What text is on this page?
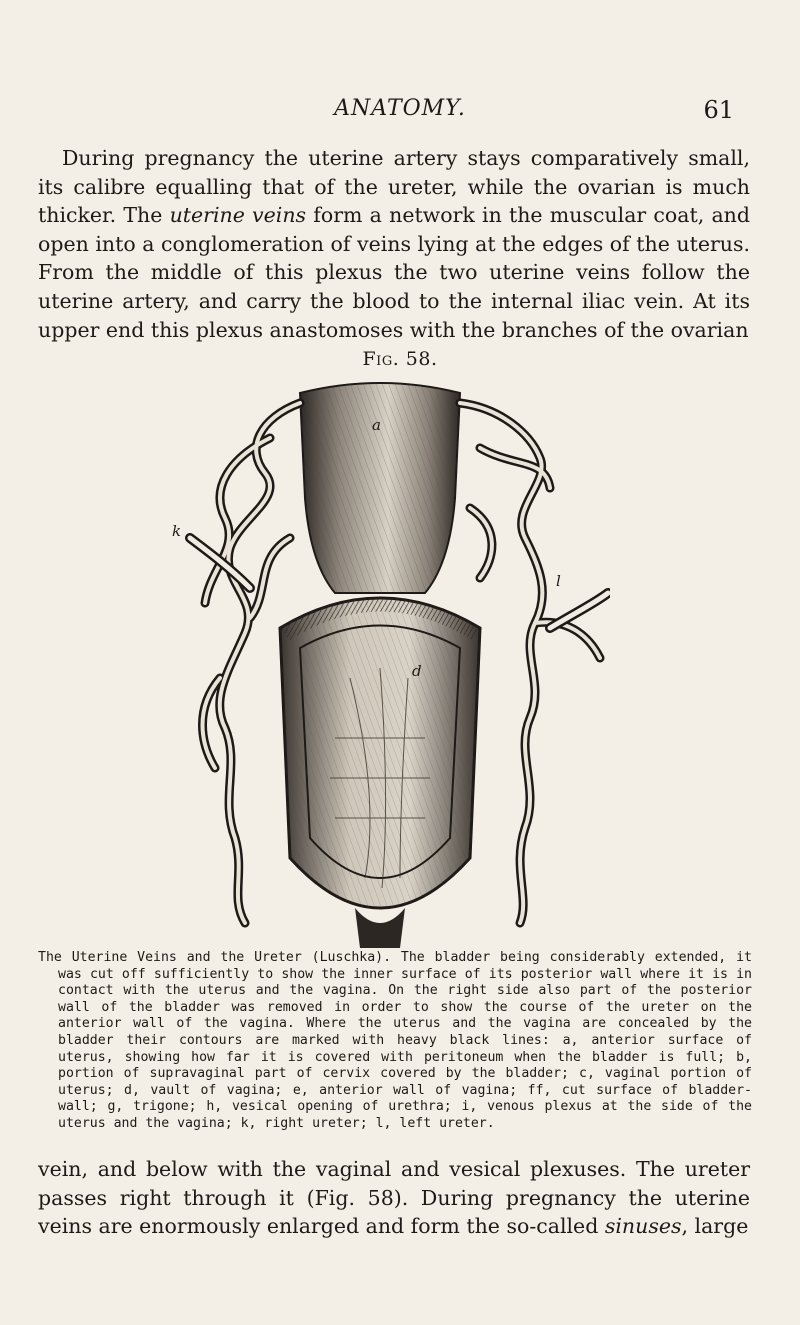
ANATOMY.	61

During pregnancy the uterine artery stays comparatively small, its calibre equalling that of the ureter, while the ovarian is much thicker. The uterine veins form a network in the muscular coat, and open into a conglomeration of veins lying at the edges of the uterus. From the middle of this plexus the two uterine veins follow the uterine artery, and carry the blood to the internal iliac vein. At its upper end this plexus anastomoses with the branches of the ovarian

Fig. 58.
a
k
l
d

The Uterine Veins and the Ureter (Luschka). The bladder being considerably extended, it was cut off sufficiently to show the inner surface of its posterior wall where it is in contact with the uterus and the vagina. On the right side also part of the posterior wall of the bladder was removed in order to show the course of the ureter on the anterior wall of the vagina. Where the uterus and the vagina are concealed by the bladder their contours are marked with heavy black lines: a, anterior surface of uterus, showing how far it is covered with peritoneum when the bladder is full; b, portion of supravaginal part of cervix covered by the bladder; c, vaginal portion of uterus; d, vault of vagina; e, anterior wall of vagina; ff, cut surface of bladder-wall; g, trigone; h, vesical opening of urethra; i, venous plexus at the side of the uterus and the vagina; k, right ureter; l, left ureter.

vein, and below with the vaginal and vesical plexuses. The ureter passes right through it (Fig. 58). During pregnancy the uterine veins are enormously enlarged and form the so-called sinuses, large
